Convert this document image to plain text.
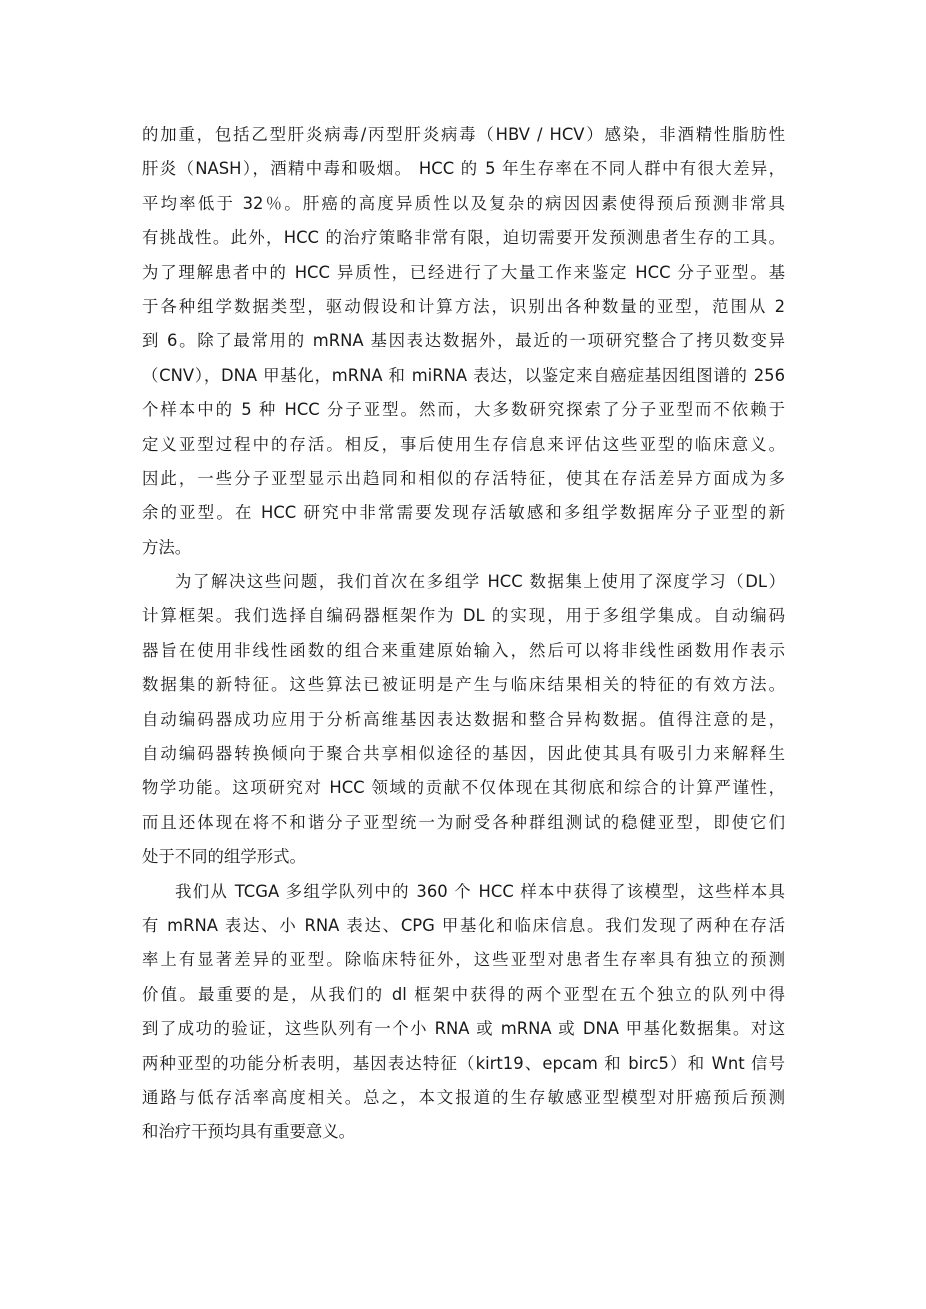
的加重，包括乙型肝炎病毒/丙型肝炎病毒（HBV / HCV）感染，非酒精性脂肪性
肝炎（NASH），酒精中毒和吸烟。 HCC 的 5 年生存率在不同人群中有很大差异，
平均率低于 32％。肝癌的高度异质性以及复杂的病因因素使得预后预测非常具
有挑战性。此外，HCC 的治疗策略非常有限，迫切需要开发预测患者生存的工具。
为了理解患者中的 HCC 异质性，已经进行了大量工作来鉴定 HCC 分子亚型。基
于各种组学数据类型，驱动假设和计算方法，识别出各种数量的亚型，范围从 2
到 6。除了最常用的 mRNA 基因表达数据外，最近的一项研究整合了拷贝数变异
（CNV），DNA 甲基化，mRNA 和 miRNA 表达，以鉴定来自癌症基因组图谱的 256
个样本中的 5 种 HCC 分子亚型。然而，大多数研究探索了分子亚型而不依赖于
定义亚型过程中的存活。相反，事后使用生存信息来评估这些亚型的临床意义。
因此，一些分子亚型显示出趋同和相似的存活特征，使其在存活差异方面成为多
余的亚型。在 HCC 研究中非常需要发现存活敏感和多组学数据库分子亚型的新
方法。
为了解决这些问题，我们首次在多组学 HCC 数据集上使用了深度学习（DL）
计算框架。我们选择自编码器框架作为 DL 的实现，用于多组学集成。自动编码
器旨在使用非线性函数的组合来重建原始输入，然后可以将非线性函数用作表示
数据集的新特征。这些算法已被证明是产生与临床结果相关的特征的有效方法。
自动编码器成功应用于分析高维基因表达数据和整合异构数据。值得注意的是，
自动编码器转换倾向于聚合共享相似途径的基因，因此使其具有吸引力来解释生
物学功能。这项研究对 HCC 领域的贡献不仅体现在其彻底和综合的计算严谨性，
而且还体现在将不和谐分子亚型统一为耐受各种群组测试的稳健亚型，即使它们
处于不同的组学形式。
我们从 TCGA 多组学队列中的 360 个 HCC 样本中获得了该模型，这些样本具
有 mRNA 表达、小 RNA 表达、CPG 甲基化和临床信息。我们发现了两种在存活
率上有显著差异的亚型。除临床特征外，这些亚型对患者生存率具有独立的预测
价值。最重要的是，从我们的 dl 框架中获得的两个亚型在五个独立的队列中得
到了成功的验证，这些队列有一个小 RNA 或 mRNA 或 DNA 甲基化数据集。对这
两种亚型的功能分析表明，基因表达特征（kirt19、epcam 和 birc5）和 Wnt 信号
通路与低存活率高度相关。总之，本文报道的生存敏感亚型模型对肝癌预后预测
和治疗干预均具有重要意义。
